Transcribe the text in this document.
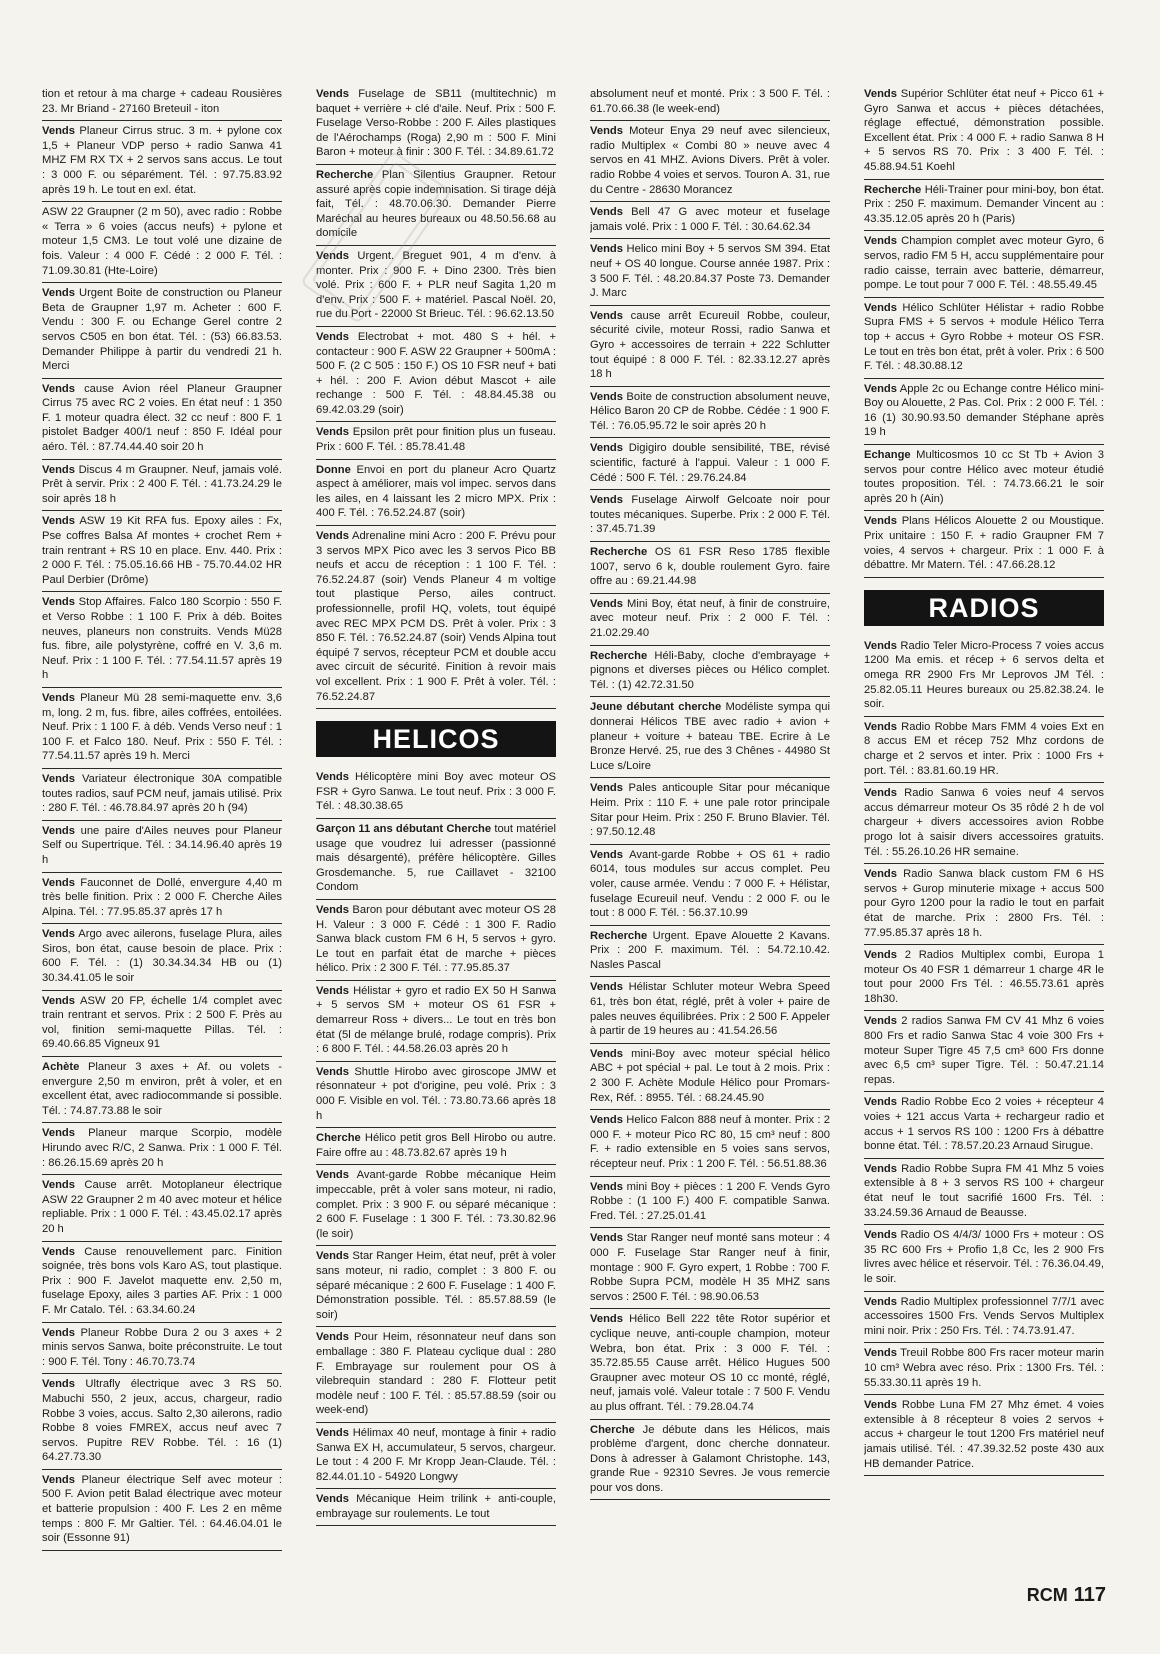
tion et retour à ma charge + cadeau Rousières 23. Mr Briand - 27160 Breteuil - iton

Vends Planeur Cirrus struc. 3 m. + pylone cox 1,5 + Planeur VDP perso + radio Sanwa 41 MHZ FM RX TX + 2 servos sans accus. Le tout : 3 000 F. ou séparément. Tél. : 97.75.83.92 après 19 h. Le tout en exl. état.

ASW 22 Graupner (2 m 50), avec radio : Robbe « Terra » 6 voies (accus neufs) + pylone et moteur 1,5 CM3. Le tout volé une dizaine de fois. Valeur : 4 000 F. Cédé : 2 000 F. Tél. : 71.09.30.81 (Hte-Loire)

Vends Urgent Boite de construction ou Planeur Beta de Graupner 1,97 m. Acheter : 600 F. Vendu : 300 F. ou Echange Gerel contre 2 servos C505 en bon état. Tél. : (53) 66.83.53. Demander Philippe à partir du vendredi 21 h. Merci

Vends cause Avion réel Planeur Graupner Cirrus 75 avec RC 2 voies. En état neuf : 1 350 F. 1 moteur quadra élect. 32 cc neuf : 800 F. 1 pistolet Badger 400/1 neuf : 850 F. Idéal pour aéro. Tél. : 87.74.44.40 soir 20 h

Vends Discus 4 m Graupner. Neuf, jamais volé. Prêt à servir. Prix : 2 400 F. Tél. : 41.73.24.29 le soir après 18 h

Vends ASW 19 Kit RFA fus. Epoxy ailes : Fx, Pse coffres Balsa Af montes + crochet Rem + train rentrant + RS 10 en place. Env. 440. Prix : 2 000 F. Tél. : 75.05.16.66 HB - 75.70.44.02 HR Paul Derbier (Drôme)

Vends Stop Affaires. Falco 180 Scorpio : 550 F. et Verso Robbe : 1 100 F. Prix à déb. Boites neuves, planeurs non construits. Vends Mü28 fus. fibre, aile polystyrène, coffré en V. 3,6 m. Neuf. Prix : 1 100 F. Tél. : 77.54.11.57 après 19 h

Vends Planeur Mü 28 semi-maquette env. 3,6 m, long. 2 m, fus. fibre, ailes coffrées, entoilées. Neuf. Prix : 1 100 F. à déb. Vends Verso neuf : 1 100 F. et Falco 180. Neuf. Prix : 550 F. Tél. : 77.54.11.57 après 19 h. Merci

Vends Variateur électronique 30A compatible toutes radios, sauf PCM neuf, jamais utilisé. Prix : 280 F. Tél. : 46.78.84.97 après 20 h (94)

Vends une paire d'Ailes neuves pour Planeur Self ou Supertrique. Tél. : 34.14.96.40 après 19 h

Vends Fauconnet de Dollé, envergure 4,40 m très belle finition. Prix : 2 000 F. Cherche Ailes Alpina. Tél. : 77.95.85.37 après 17 h

Vends Argo avec ailerons, fuselage Plura, ailes Siros, bon état, cause besoin de place. Prix : 600 F. Tél. : (1) 30.34.34.34 HB ou (1) 30.34.41.05 le soir

Vends ASW 20 FP, échelle 1/4 complet avec train rentrant et servos. Prix : 2 500 F. Près au vol, finition semi-maquette Pillas. Tél. : 69.40.66.85 Vigneux 91

Achète Planeur 3 axes + Af. ou volets - envergure 2,50 m environ, prêt à voler, et en excellent état, avec radiocommande si possible. Tél. : 74.87.73.88 le soir

Vends Planeur marque Scorpio, modèle Hirundo avec R/C, 2 Sanwa. Prix : 1 000 F. Tél. : 86.26.15.69 après 20 h

Vends Cause arrêt. Motoplaneur électrique ASW 22 Graupner 2 m 40 avec moteur et hélice repliable. Prix : 1 000 F. Tél. : 43.45.02.17 après 20 h

Vends Cause renouvellement parc. Finition soignée, très bons vols Karo AS, tout plastique. Prix : 900 F. Javelot maquette env. 2,50 m, fuselage Epoxy, ailes 3 parties AF. Prix : 1 000 F. Mr Catalo. Tél. : 63.34.60.24

Vends Planeur Robbe Dura 2 ou 3 axes + 2 minis servos Sanwa, boite préconstruite. Le tout : 900 F. Tél. Tony : 46.70.73.74

Vends Ultrafly électrique avec 3 RS 50. Mabuchi 550, 2 jeux, accus, chargeur, radio Robbe 3 voies, accus. Salto 2,30 ailerons, radio Robbe 8 voies FMREX, accus neuf avec 7 servos. Pupitre REV Robbe. Tél. : 16 (1) 64.27.73.30

Vends Planeur électrique Self avec moteur : 500 F. Avion petit Balad électrique avec moteur et batterie propulsion : 400 F. Les 2 en même temps : 800 F. Mr Galtier. Tél. : 64.46.04.01 le soir (Essonne 91)

Vends Fuselage de SB11 (multitechnic) m baquet + verrière + clé d'aile. Neuf. Prix : 500 F. Fuselage Verso-Robbe : 200 F. Ailes plastiques de l'Aérochamps (Roga) 2,90 m : 500 F. Mini Baron + moteur à finir : 300 F. Tél. : 34.89.61.72

Recherche Plan Silentius Graupner. Retour assuré après copie indemnisation. Si tirage déjà fait, Tél. : 48.70.06.30. Demander Pierre Maréchal au heures bureaux ou 48.50.56.68 au domicile

Vends Urgent. Breguet 901, 4 m d'env. à monter. Prix : 900 F. + Dino 2300. Très bien volé. Prix : 600 F. + PLR neuf Sagita 1,20 m d'env. Prix : 500 F. + matériel. Pascal Noël. 20, rue du Port - 22000 St Brieuc. Tél. : 96.62.13.50

Vends Electrobat + mot. 480 S + hél. + contacteur : 900 F. ASW 22 Graupner + 500mA : 500 F. (2 C 505 : 150 F.) OS 10 FSR neuf + bati + hél. : 200 F. Avion début Mascot + aile rechange : 500 F. Tél. : 48.84.45.38 ou 69.42.03.29 (soir)

Vends Epsilon prêt pour finition plus un fuseau. Prix : 600 F. Tél. : 85.78.41.48

Donne Envoi en port du planeur Acro Quartz aspect à améliorer, mais vol impec. servos dans les ailes, en 4 laissant les 2 micro MPX. Prix : 400 F. Tél. : 76.52.24.87 (soir)

Vends Adrenaline mini Acro : 200 F. Prévu pour 3 servos MPX Pico avec les 3 servos Pico BB neufs et accu de réception : 1 100 F. Tél. : 76.52.24.87 (soir) Vends Planeur 4 m voltige tout plastique Perso, ailes contruct. professionnelle, profil HQ, volets, tout équipé avec REC MPX PCM DS. Prêt à voler. Prix : 3 850 F. Tél. : 76.52.24.87 (soir) Vends Alpina tout équipé 7 servos, récepteur PCM et double accu avec circuit de sécurité. Finition à revoir mais vol excellent. Prix : 1 900 F. Prêt à voler. Tél. : 76.52.24.87

HELICOS

Vends Hélicoptère mini Boy avec moteur OS FSR + Gyro Sanwa. Le tout neuf. Prix : 3 000 F. Tél. : 48.30.38.65

Garçon 11 ans débutant Cherche tout matériel usage que voudrez lui adresser (passionné mais désargenté), préfère hélicoptère. Gilles Grosdemanche. 5, rue Caillavet - 32100 Condom

Vends Baron pour débutant avec moteur OS 28 H. Valeur : 3 000 F. Cédé : 1 300 F. Radio Sanwa black custom FM 6 H, 5 servos + gyro. Le tout en parfait état de marche + pièces hélico. Prix : 2 300 F. Tél. : 77.95.85.37

Vends Hélistar + gyro et radio EX 50 H Sanwa + 5 servos SM + moteur OS 61 FSR + demarreur Ross + divers... Le tout en très bon état (5l de mélange brulé, rodage compris). Prix : 6 800 F. Tél. : 44.58.26.03 après 20 h

Vends Shuttle Hirobo avec giroscope JMW et résonnateur + pot d'origine, peu volé. Prix : 3 000 F. Visible en vol. Tél. : 73.80.73.66 après 18 h

Cherche Hélico petit gros Bell Hirobo ou autre. Faire offre au : 48.73.82.67 après 19 h

Vends Avant-garde Robbe mécanique Heim impeccable, prêt à voler sans moteur, ni radio, complet. Prix : 3 900 F. ou séparé mécanique : 2 600 F. Fuselage : 1 300 F. Tél. : 73.30.82.96 (le soir)

Vends Star Ranger Heim, état neuf, prêt à voler sans moteur, ni radio, complet : 3 800 F. ou séparé mécanique : 2 600 F. Fuselage : 1 400 F. Démonstration possible. Tél. : 85.57.88.59 (le soir)

Vends Pour Heim, résonnateur neuf dans son emballage : 380 F. Plateau cyclique dual : 280 F. Embrayage sur roulement pour OS à vilebrequin standard : 280 F. Flotteur petit modèle neuf : 100 F. Tél. : 85.57.88.59 (soir ou week-end)

Vends Hélimax 40 neuf, montage à finir + radio Sanwa EX H, accumulateur, 5 servos, chargeur. Le tout : 4 200 F. Mr Kropp Jean-Claude. Tél. : 82.44.01.10 - 54920 Longwy

Vends Mécanique Heim trilink + anti-couple, embrayage sur roulements. Le tout

absolument neuf et monté. Prix : 3 500 F. Tél. : 61.70.66.38 (le week-end)

Vends Moteur Enya 29 neuf avec silencieux, radio Multiplex « Combi 80 » neuve avec 4 servos en 41 MHZ. Avions Divers. Prêt à voler. radio Robbe 4 voies et servos. Touron A. 31, rue du Centre - 28630 Morancez

Vends Bell 47 G avec moteur et fuselage jamais volé. Prix : 1 000 F. Tél. : 30.64.62.34

Vends Helico mini Boy + 5 servos SM 394. Etat neuf + OS 40 longue. Course année 1987. Prix : 3 500 F. Tél. : 48.20.84.37 Poste 73. Demander J. Marc

Vends cause arrêt Ecureuil Robbe, couleur, sécurité civile, moteur Rossi, radio Sanwa et Gyro + accessoires de terrain + 222 Schlutter tout équipé : 8 000 F. Tél. : 82.33.12.27 après 18 h

Vends Boite de construction absolument neuve, Hélico Baron 20 CP de Robbe. Cédée : 1 900 F. Tél. : 76.05.95.72 le soir après 20 h

Vends Digigiro double sensibilité, TBE, révisé scientific, facturé à l'appui. Valeur : 1 000 F. Cédé : 500 F. Tél. : 29.76.24.84

Vends Fuselage Airwolf Gelcoate noir pour toutes mécaniques. Superbe. Prix : 2 000 F. Tél. : 37.45.71.39

Recherche OS 61 FSR Reso 1785 flexible 1007, servo 6 k, double roulement Gyro. faire offre au : 69.21.44.98

Vends Mini Boy, état neuf, à finir de construire, avec moteur neuf. Prix : 2 000 F. Tél. : 21.02.29.40

Recherche Héli-Baby, cloche d'embrayage + pignons et diverses pièces ou Hélico complet. Tél. : (1) 42.72.31.50

Jeune débutant cherche Modéliste sympa qui donnerai Hélicos TBE avec radio + avion + planeur + voiture + bateau TBE. Ecrire à Le Bronze Hervé. 25, rue des 3 Chênes - 44980 St Luce s/Loire

Vends Pales anticouple Sitar pour mécanique Heim. Prix : 110 F. + une pale rotor principale Sitar pour Heim. Prix : 250 F. Bruno Blavier. Tél. : 97.50.12.48

Vends Avant-garde Robbe + OS 61 + radio 6014, tous modules sur accus complet. Peu voler, cause armée. Vendu : 7 000 F. + Hélistar, fuselage Ecureuil neuf. Vendu : 2 000 F. ou le tout : 8 000 F. Tél. : 56.37.10.99

Recherche Urgent. Epave Alouette 2 Kavans. Prix : 200 F. maximum. Tél. : 54.72.10.42. Nasles Pascal

Vends Hélistar Schluter moteur Webra Speed 61, très bon état, réglé, prêt à voler + paire de pales neuves équilibrées. Prix : 2 500 F. Appeler à partir de 19 heures au : 41.54.26.56

Vends mini-Boy avec moteur spécial hélico ABC + pot spécial + pal. Le tout à 2 mois. Prix : 2 300 F. Achète Module Hélico pour Promars-Rex, Réf. : 8955. Tél. : 68.24.45.90

Vends Helico Falcon 888 neuf à monter. Prix : 2 000 F. + moteur Pico RC 80, 15 cm³ neuf : 800 F. + radio extensible en 5 voies sans servos, récepteur neuf. Prix : 1 200 F. Tél. : 56.51.88.36

Vends mini Boy + pièces : 1 200 F. Vends Gyro Robbe : (1 100 F.) 400 F. compatible Sanwa. Fred. Tél. : 27.25.01.41

Vends Star Ranger neuf monté sans moteur : 4 000 F. Fuselage Star Ranger neuf à finir, montage : 900 F. Gyro expert, 1 Robbe : 700 F. Robbe Supra PCM, modèle H 35 MHZ sans servos : 2500 F. Tél. : 98.90.06.53

Vends Hélico Bell 222 tête Rotor supérior et cyclique neuve, anti-couple champion, moteur Webra, bon état. Prix : 3 000 F. Tél. : 35.72.85.55 Cause arrêt. Hélico Hugues 500 Graupner avec moteur OS 10 cc monté, réglé, neuf, jamais volé. Valeur totale : 7 500 F. Vendu au plus offrant. Tél. : 79.28.04.74

Cherche Je débute dans les Hélicos, mais problème d'argent, donc cherche donnateur. Dons à adresser à Galamont Christophe. 143, grande Rue - 92310 Sevres. Je vous remercie pour vos dons.

Vends Supérior Schlüter état neuf + Picco 61 + Gyro Sanwa et accus + pièces détachées, réglage effectué, démonstration possible. Excellent état. Prix : 4 000 F. + radio Sanwa 8 H + 5 servos RS 70. Prix : 3 400 F. Tél. : 45.88.94.51 Koehl

Recherche Héli-Trainer pour mini-boy, bon état. Prix : 250 F. maximum. Demander Vincent au : 43.35.12.05 après 20 h (Paris)

Vends Champion complet avec moteur Gyro, 6 servos, radio FM 5 H, accu supplémentaire pour radio caisse, terrain avec batterie, démarreur, pompe. Le tout pour 7 000 F. Tél. : 48.55.49.45

Vends Hélico Schlüter Hélistar + radio Robbe Supra FMS + 5 servos + module Hélico Terra top + accus + Gyro Robbe + moteur OS FSR. Le tout en très bon état, prêt à voler. Prix : 6 500 F. Tél. : 48.30.88.12

Vends Apple 2c ou Echange contre Hélico mini-Boy ou Alouette, 2 Pas. Col. Prix : 2 000 F. Tél. : 16 (1) 30.90.93.50 demander Stéphane après 19 h

Echange Multicosmos 10 cc St Tb + Avion 3 servos pour contre Hélico avec moteur étudié toutes proposition. Tél. : 74.73.66.21 le soir après 20 h (Ain)

Vends Plans Hélicos Alouette 2 ou Moustique. Prix unitaire : 150 F. + radio Graupner FM 7 voies, 4 servos + chargeur. Prix : 1 000 F. à débattre. Mr Matern. Tél. : 47.66.28.12

RADIOS

Vends Radio Teler Micro-Process 7 voies accus 1200 Ma emis. et récep + 6 servos delta et omega RR 2900 Frs Mr Leprovos JM Tél. : 25.82.05.11 Heures bureaux ou 25.82.38.24. le soir.

Vends Radio Robbe Mars FMM 4 voies Ext en 8 accus EM et récep 752 Mhz cordons de charge et 2 servos et inter. Prix : 1000 Frs + port. Tél. : 83.81.60.19 HR.

Vends Radio Sanwa 6 voies neuf 4 servos accus démarreur moteur Os 35 rôdé 2 h de vol chargeur + divers accessoires avion Robbe progo lot à saisir divers accessoires gratuits. Tél. : 55.26.10.26 HR semaine.

Vends Radio Sanwa black custom FM 6 HS servos + Gurop minuterie mixage + accus 500 pour Gyro 1200 pour la radio le tout en parfait état de marche. Prix : 2800 Frs. Tél. : 77.95.85.37 après 18 h.

Vends 2 Radios Multiplex combi, Europa 1 moteur Os 40 FSR 1 démarreur 1 charge 4R le tout pour 2000 Frs Tél. : 46.55.73.61 après 18h30.

Vends 2 radios Sanwa FM CV 41 Mhz 6 voies 800 Frs et radio Sanwa Stac 4 voie 300 Frs + moteur Super Tigre 45 7,5 cm³ 600 Frs donne avec 6,5 cm³ super Tigre. Tél. : 50.47.21.14 repas.

Vends Radio Robbe Eco 2 voies + récepteur 4 voies + 121 accus Varta + rechargeur radio et accus + 1 servos RS 100 : 1200 Frs à débattre bonne état. Tél. : 78.57.20.23 Arnaud Sirugue.

Vends Radio Robbe Supra FM 41 Mhz 5 voies extensible à 8 + 3 servos RS 100 + chargeur état neuf le tout sacrifié 1600 Frs. Tél. : 33.24.59.36 Arnaud de Beausse.

Vends Radio OS 4/4/3/ 1000 Frs + moteur : OS 35 RC 600 Frs + Profio 1,8 Cc, les 2 900 Frs livres avec hélice et réservoir. Tél. : 76.36.04.49, le soir.

Vends Radio Multiplex professionnel 7/7/1 avec accessoires 1500 Frs. Vends Servos Multiplex mini noir. Prix : 250 Frs. Tél. : 74.73.91.47.

Vends Treuil Robbe 800 Frs racer moteur marin 10 cm³ Webra avec réso. Prix : 1300 Frs. Tél. : 55.33.30.11 après 19 h.

Vends Robbe Luna FM 27 Mhz émet. 4 voies extensible à 8 récepteur 8 voies 2 servos + accus + chargeur le tout 1200 Frs matériel neuf jamais utilisé. Tél. : 47.39.32.52 poste 430 aux HB demander Patrice.

RCM 117
